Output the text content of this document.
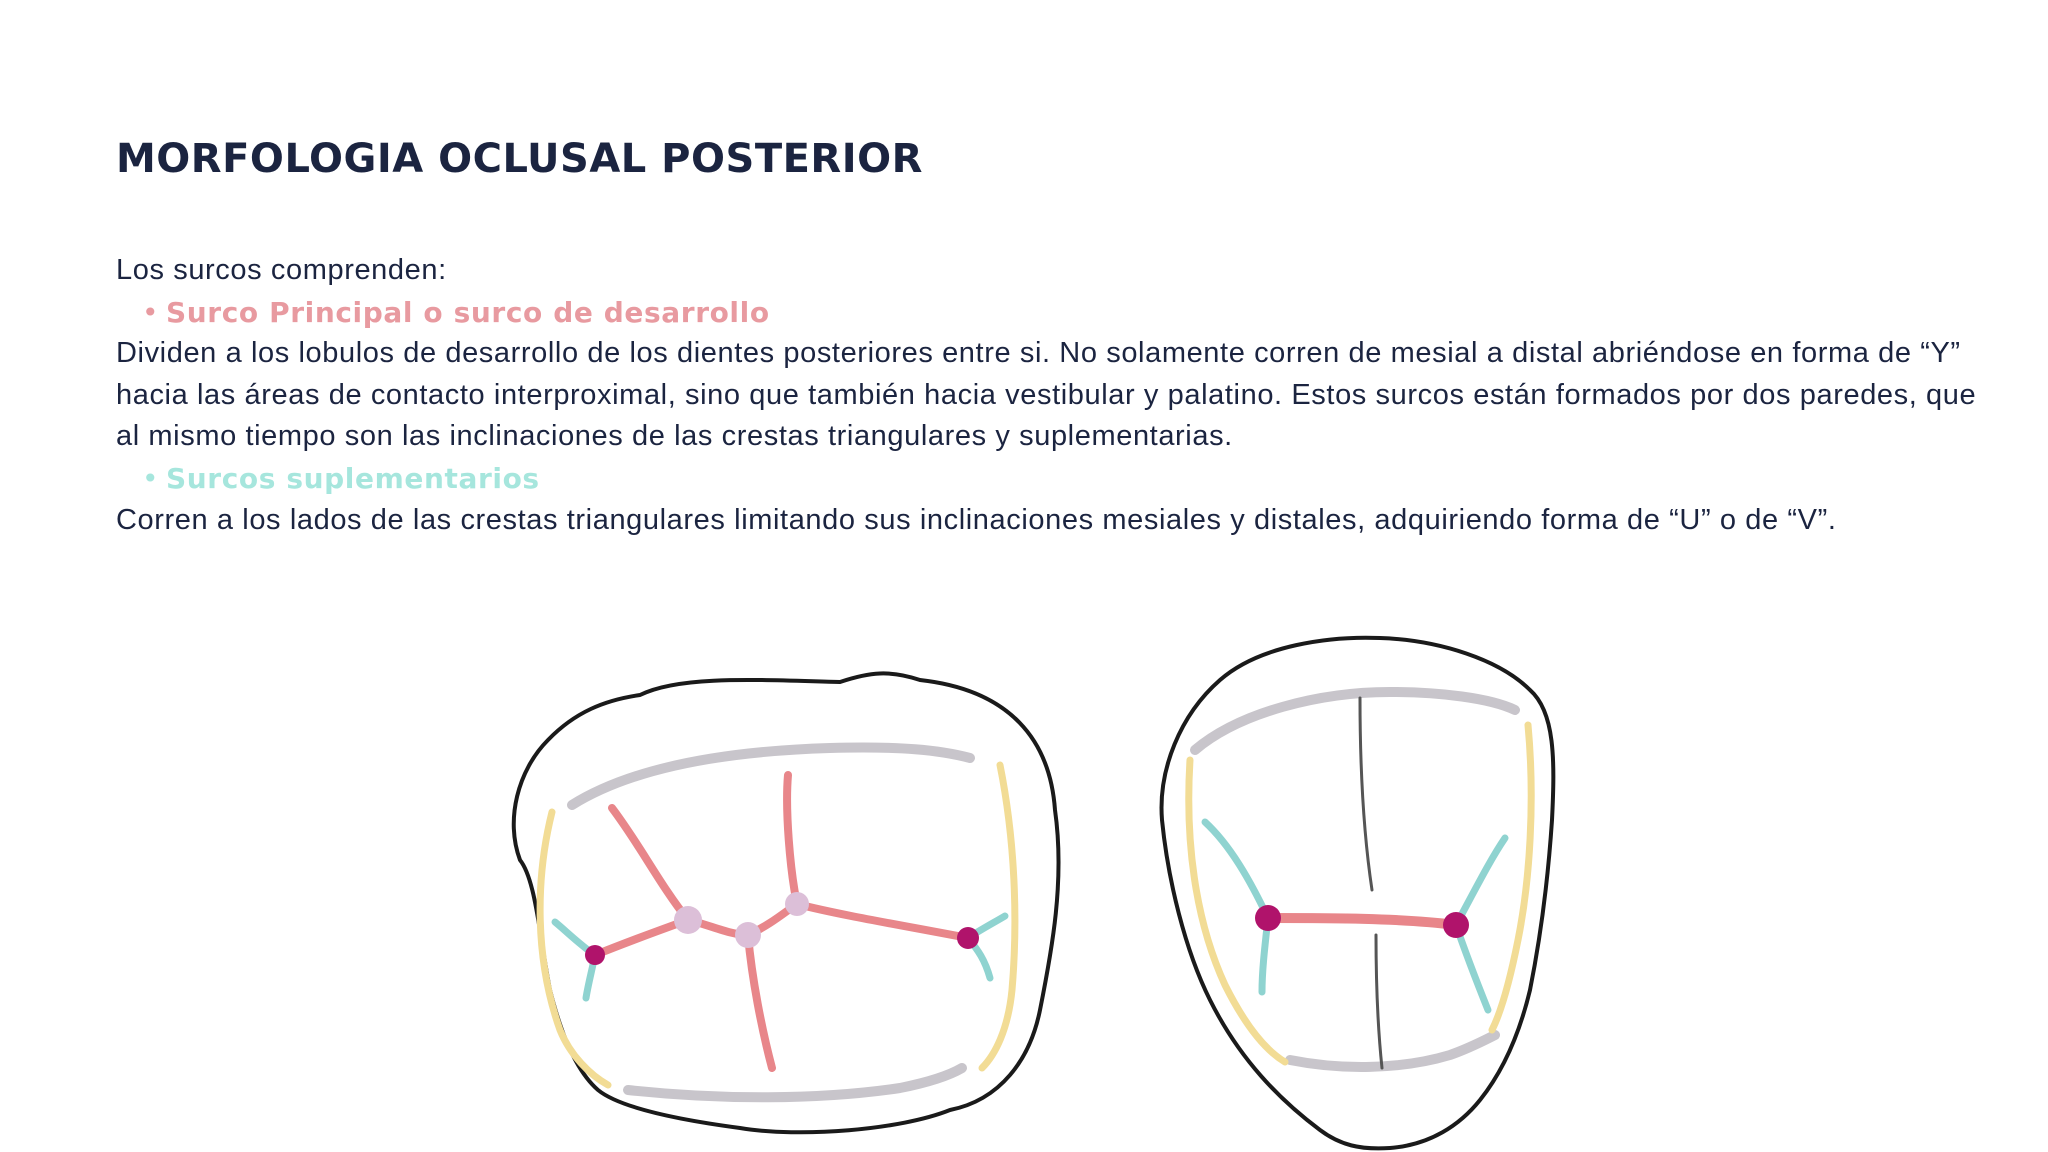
MORFOLOGIA OCLUSAL POSTERIOR

Los surcos comprenden:

• Surco Principal o surco de desarrollo

Dividen a los lobulos de desarrollo de los dientes posteriores entre si. No solamente corren de mesial a distal abriéndose en forma de “Y” hacia las áreas de contacto interproximal, sino que también hacia vestibular y palatino. Estos surcos están formados por dos paredes, que al mismo tiempo son las inclinaciones de las crestas triangulares y suplementarias.

• Surcos suplementarios

Corren a los lados de las crestas triangulares limitando sus inclinaciones mesiales y distales, adquiriendo forma de “U” o de “V”.
